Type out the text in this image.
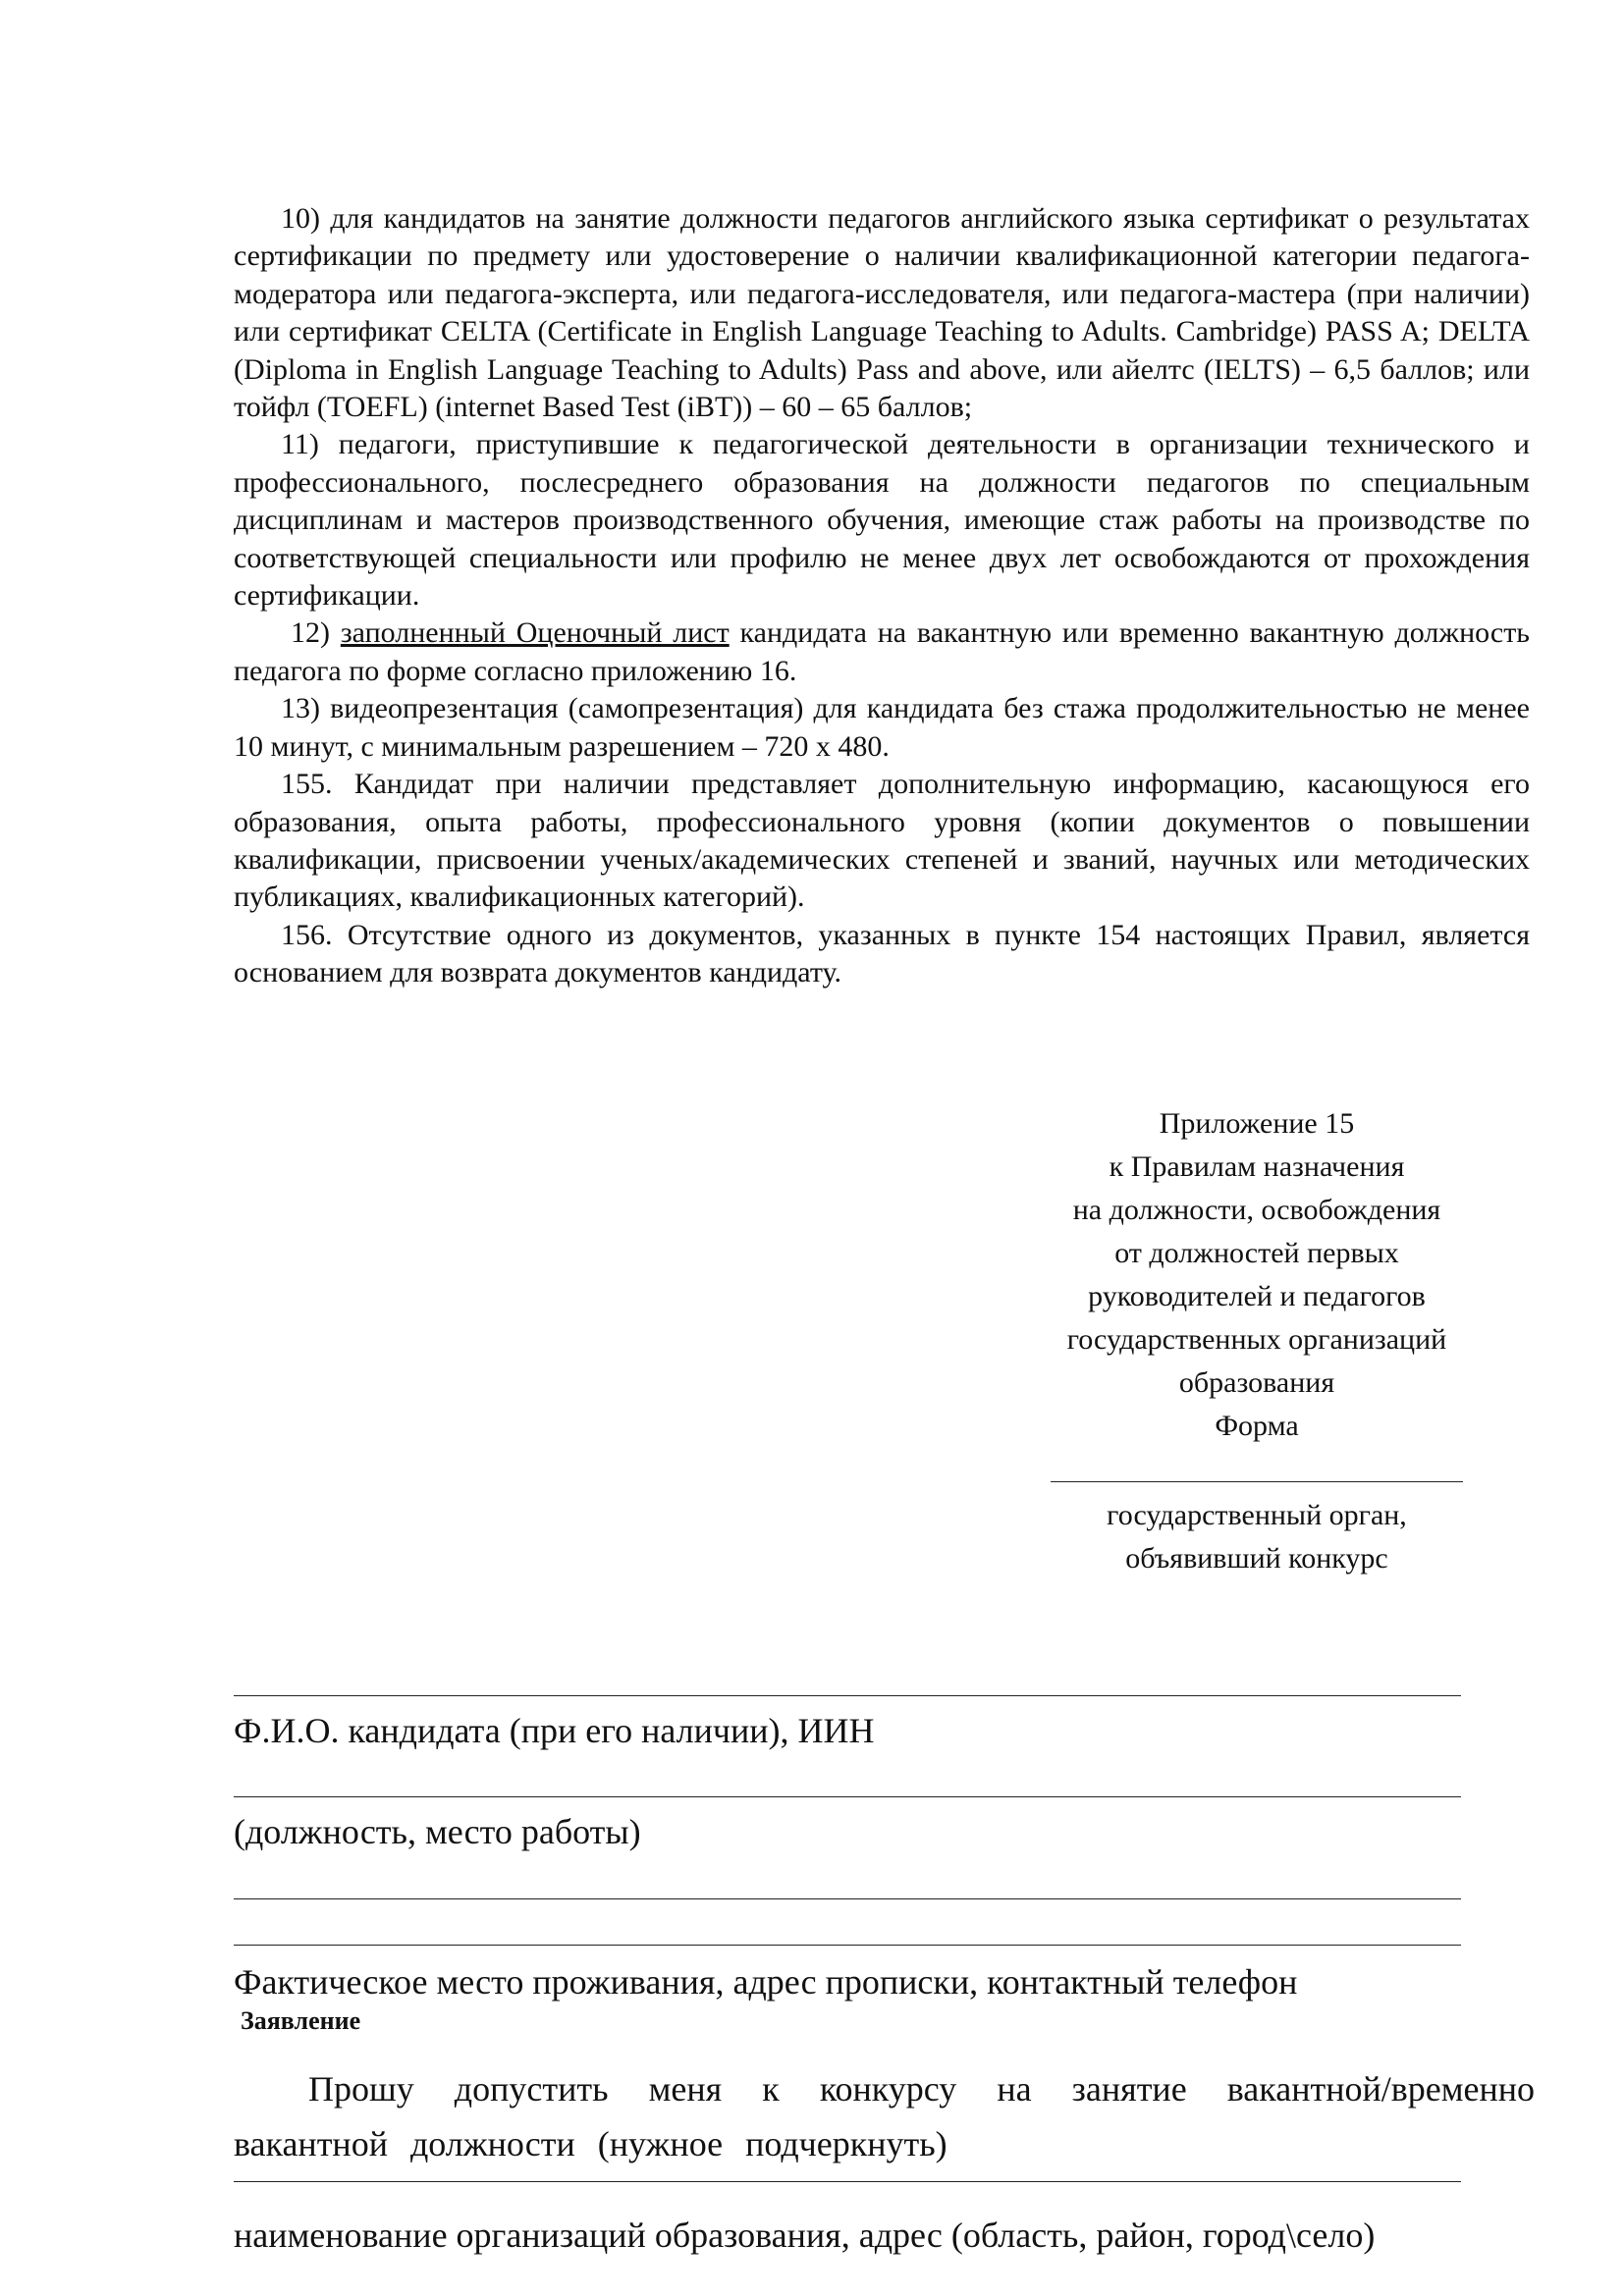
10) для кандидатов на занятие должности педагогов английского языка сертификат о результатах сертификации по предмету или удостоверение о наличии квалификационной категории педагога-модератора или педагога-эксперта, или педагога-исследователя, или педагога-мастера (при наличии) или сертификат CELTA (Certificate in English Language Teaching to Adults. Cambridge) PASS A; DELTA (Diploma in English Language Teaching to Adults) Pass and above, или айелтс (IELTS) – 6,5 баллов; или тойфл (TOEFL) (internet Based Test (iBT)) – 60 – 65 баллов;

11) педагоги, приступившие к педагогической деятельности в организации технического и профессионального, послесреднего образования на должности педагогов по специальным дисциплинам и мастеров производственного обучения, имеющие стаж работы на производстве по соответствующей специальности или профилю не менее двух лет освобождаются от прохождения сертификации.

12) заполненный Оценочный лист кандидата на вакантную или временно вакантную должность педагога по форме согласно приложению 16.

13) видеопрезентация (самопрезентация) для кандидата без стажа продолжительностью не менее 10 минут, с минимальным разрешением – 720 x 480.

155. Кандидат при наличии представляет дополнительную информацию, касающуюся его образования, опыта работы, профессионального уровня (копии документов о повышении квалификации, присвоении ученых/академических степеней и званий, научных или методических публикациях, квалификационных категорий).

156. Отсутствие одного из документов, указанных в пункте 154 настоящих Правил, является основанием для возврата документов кандидату.

Приложение 15
к Правилам назначения
на должности, освобождения
от должностей первых
руководителей и педагогов
государственных организаций
образования
Форма
государственный орган,
объявивший конкурс
Ф.И.О. кандидата (при его наличии), ИИН
(должность, место работы)
Фактическое место проживания, адрес прописки, контактный телефон
Заявление
Прошу допустить меня к конкурсу на занятие вакантной/временно вакантной должности (нужное подчеркнуть)
наименование организаций образования, адрес (область, район, город\село)
